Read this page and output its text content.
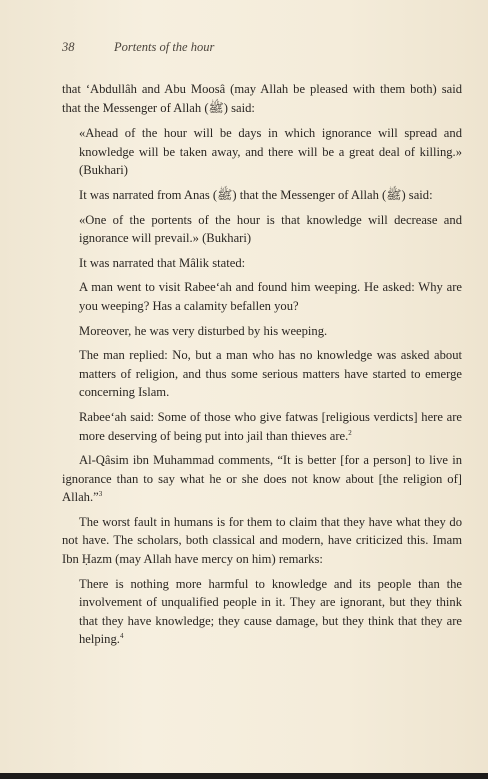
38	Portents of the hour

that ‘Abdullâh and Abu Moosâ (may Allah be pleased with them both) said that the Messenger of Allah (ﷺ) said:

«Ahead of the hour will be days in which ignorance will spread and knowledge will be taken away, and there will be a great deal of killing.» (Bukhari)

It was narrated from Anas (ﷺ) that the Messenger of Allah (ﷺ) said:

«One of the portents of the hour is that knowledge will decrease and ignorance will prevail.» (Bukhari)

It was narrated that Mâlik stated:

A man went to visit Rabee‘ah and found him weeping. He asked: Why are you weeping? Has a calamity befallen you?

Moreover, he was very disturbed by his weeping.

The man replied: No, but a man who has no knowledge was asked about matters of religion, and thus some serious matters have started to emerge concerning Islam.

Rabee‘ah said: Some of those who give fatwas [religious verdicts] here are more deserving of being put into jail than thieves are.$^2$

Al-Qâsim ibn Muhammad comments, “It is better [for a person] to live in ignorance than to say what he or she does not know about [the religion of] Allah.”$^3$

The worst fault in humans is for them to claim that they have what they do not have. The scholars, both classical and modern, have criticized this. Imam Ibn Ḥazm (may Allah have mercy on him) remarks:

There is nothing more harmful to knowledge and its people than the involvement of unqualified people in it. They are ignorant, but they think that they have knowledge; they cause damage, but they think that they are helping.$^4$
